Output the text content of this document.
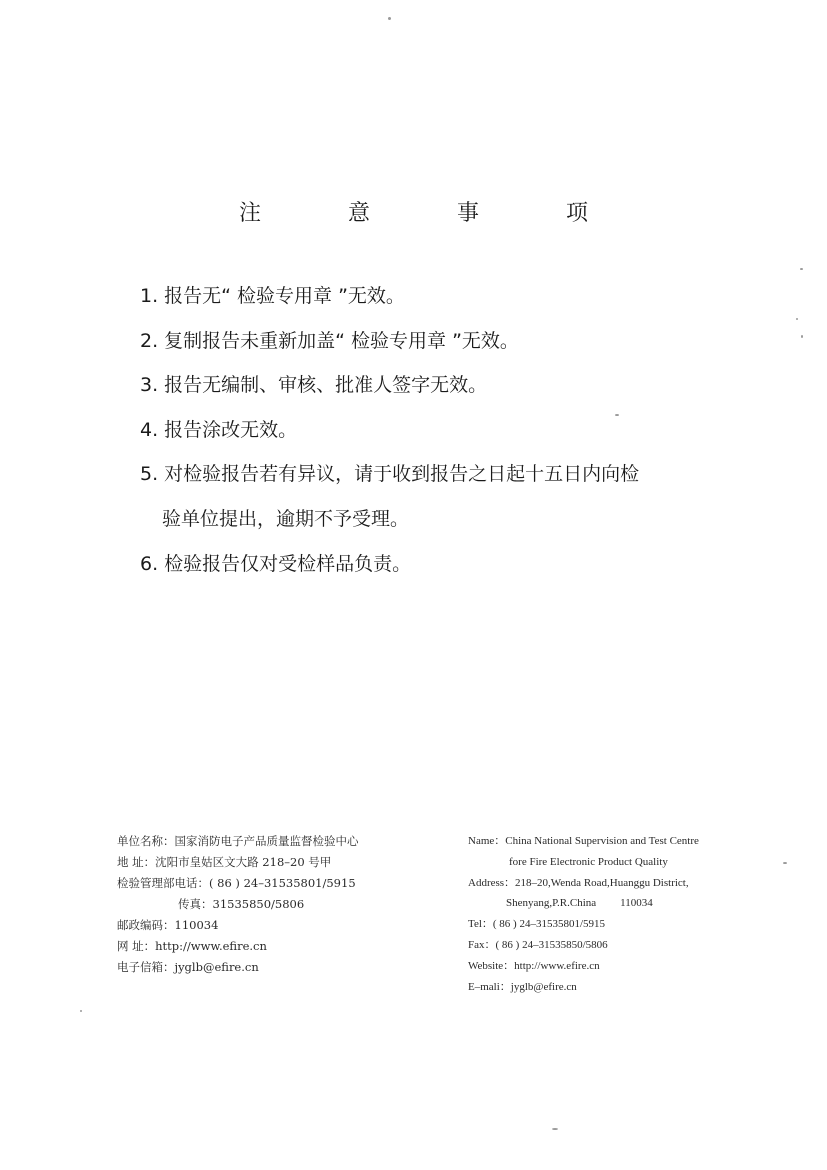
注 意 事 项
1. 报告无“ 检验专用章 ”无效。
2. 复制报告未重新加盖“ 检验专用章 ”无效。
3. 报告无编制、审核、批准人签字无效。
4. 报告涂改无效。
5. 对检验报告若有异议，请于收到报告之日起十五日内向检
验单位提出，逾期不予受理。
6. 检验报告仅对受检样品负责。
单位名称：国家消防电子产品质量监督检验中心
地 址：沈阳市皇姑区文大路 218–20 号甲
检验管理部电话：( 86 ) 24–31535801/5915
传真：31535850/5806
邮政编码：110034
网 址：http://www.efire.cn
电子信箱：jyglb@efire.cn
Name：China National Supervision and Test Centre
fore Fire Electronic Product Quality
Address：218–20,Wenda Road,Huanggu District,
Shenyang,P.R.China 110034
Tel：( 86 ) 24–31535801/5915
Fax：( 86 ) 24–31535850/5806
Website：http://www.efire.cn
E–mali：jyglb@efire.cn
